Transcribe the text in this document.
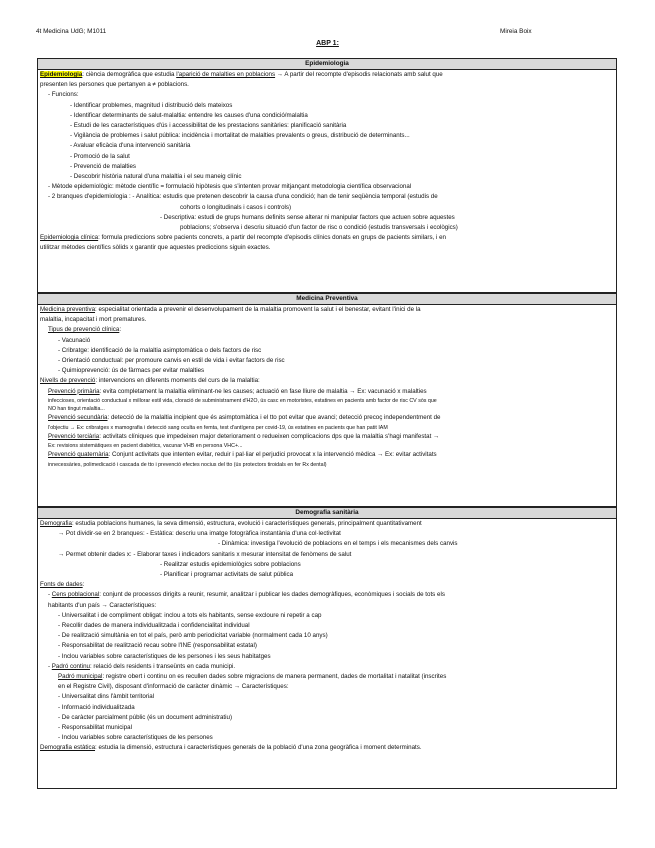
4t Medicina UdG; M1011	Mireia Boix
ABP 1:
Epidemiologia
Epidemiologia: ciència demogràfica que estudia l'aparició de malalties en poblacions → A partir del recompte d'episodis relacionats amb salut que
presenten les persones que pertanyen a ≠ poblacions.
- Funcions:
- Identificar problemes, magnitud i distribució dels mateixos
- Identificar determinants de salut-malaltia: entendre les causes d'una condició/malaltia
- Estudi de les característiques d'ús i accessibilitat de les prestacions sanitàries: planificació sanitària
- Vigilància de problemes i salut pública: incidència i mortalitat de malalties prevalents o greus, distribució de determinants...
- Avaluar eficàcia d'una intervenció sanitària
- Promoció de la salut
- Prevenció de malalties
- Descobrir història natural d'una malaltia i el seu maneig clínic
- Mètode epidemiològic: mètode científic = formulació hipòtesis que s'intenten provar mitjançant metodologia científica observacional
- 2 branques d'epidemiologia : - Analítica: estudis que pretenen descobrir la causa d'una condició; han de tenir seqüència temporal (estudis de
cohorts o longitudinals i casos i controls)
- Descriptiva: estudi de grups humans definits sense alterar ni manipular factors que actuen sobre aquestes
poblacions; s'observa i descriu situació d'un factor de risc o condició (estudis transversals i ecològics)
Epidemiologia clínica: formula prediccions sobre pacients concrets, a partir del recompte d'episodis clínics donats en grups de pacients similars, i en
utilitzar mètodes científics sòlids x garantir que aquestes prediccions siguin exactes.
Medicina Preventiva
Medicina preventiva: especialitat orientada a prevenir el desenvolupament de la malaltia promovent la salut i el benestar, evitant l'inici de la
malaltia, incapacitat i mort prematures.
Tipus de prevenció clínica:
- Vacunació
- Cribratge: identificació de la malaltia asimptomàtica o dels factors de risc
- Orientació conductual: per promoure canvis en estil de vida i evitar factors de risc
- Quimioprevenció: ús de fàrmacs per evitar malalties
Nivells de prevenció: intervencions en diferents moments del curs de la malaltia:
Prevenció primària: evita completament la malaltia eliminant-ne les causes; actuació en fase lliure de malaltia → Ex: vacunació x malalties
infeccioses, orientació conductual x millorar estil vida, cloració de subministrament d'H2O, ús casc en motoristes, estatines en pacients amb factor de risc CV sòs que
NO han tingut malaltia...
Prevenció secundària: detecció de la malaltia incipient que és asimptomàtica i el tto pot evitar que avanci; detecció precoç independentment de
l'objectiu → Ex: cribratges x mamografia i detecció sang oculta en femta, test d'antígens per covid-19, ús estatines en pacients que han patit IAM
Prevenció terciària: activitats clíniques que impedeixen major deteriorament o redueixen complicacions dps que la malaltia s'hagi manifestat →
Ex: revisions sistemàtiques en pacient diabètics, vacunar VHB en persona VHC+...
Prevenció quaternària: Conjunt activitats que intenten evitar, reduir i pal·liar el perjudici provocat x la intervenció mèdica → Ex: evitar activitats
innecessàries, polimedicació i cascada de tto i prevenció efectes nocius del tto (ús protectors tiroidals en fer Rx dental)
Demografia sanitària
Demografia: estudia poblacions humanes, la seva dimensió, estructura, evolució i característiques generals, principalment quantitativament
→ Pot dividir-se en 2 branques: - Estàtica: descriu una imatge fotogràfica instantània d'una col·lectivitat
- Dinàmica: investiga l'evolució de poblacions en el temps i els mecanismes dels canvis
→ Permet obtenir dades x: - Elaborar taxes i indicadors sanitaris x mesurar intensitat de fenòmens de salut
- Realitzar estudis epidemiològics sobre poblacions
- Planificar i programar activitats de salut pública
Fonts de dades:
- Cens poblacional: conjunt de processos dirigits a reunir, resumir, analitzar i publicar les dades demogràfiques, econòmiques i socials de tots els
habitants d'un país → Característiques:
- Universalitat i de compliment obligat: inclou a tots els habitants, sense excloure ni repetir a cap
- Recollir dades de manera individualitzada i confidencialitat individual
- De realització simultània en tot el país, però amb periodicitat variable (normalment cada 10 anys)
- Responsabilitat de realització recau sobre l'INE (responsabilitat estatal)
- Inclou variables sobre característiques de les persones i les seus habitatges
- Padró continu: relació dels residents i transeünts en cada municipi.
Padró municipal: registre obert i continu on es recullen dades sobre migracions de manera permanent, dades de mortalitat i natalitat (inscrites
en el Registre Civil), disposant d'informació de caràcter dinàmic → Característiques:
- Universalitat dins l'àmbit territorial
- Informació individualitzada
- De caràcter parcialment públic (és un document administratiu)
- Responsabilitat municipal
- Inclou variables sobre característiques de les persones
Demografia estàtica: estudia la dimensió, estructura i característiques generals de la població d'una zona geogràfica i moment determinats.
